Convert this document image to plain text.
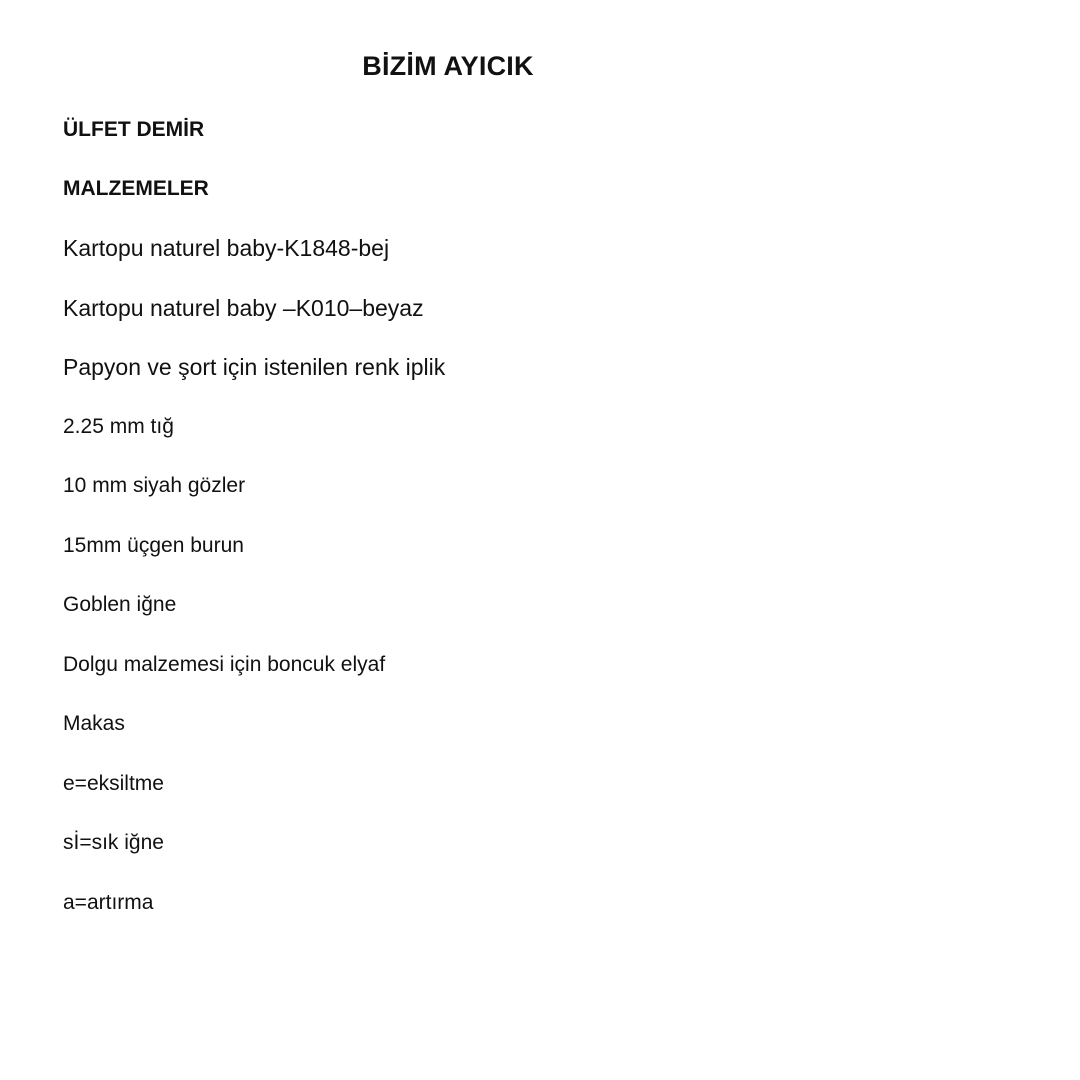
BİZİM AYICIK
ÜLFET DEMİR
MALZEMELER
Kartopu naturel baby-K1848-bej
Kartopu naturel baby –K010–beyaz
Papyon ve şort için istenilen renk iplik
2.25 mm tığ
10 mm siyah gözler
15mm üçgen burun
Goblen iğne
Dolgu malzemesi için boncuk elyaf
Makas
e=eksiltme
sİ=sık iğne
a=artırma
